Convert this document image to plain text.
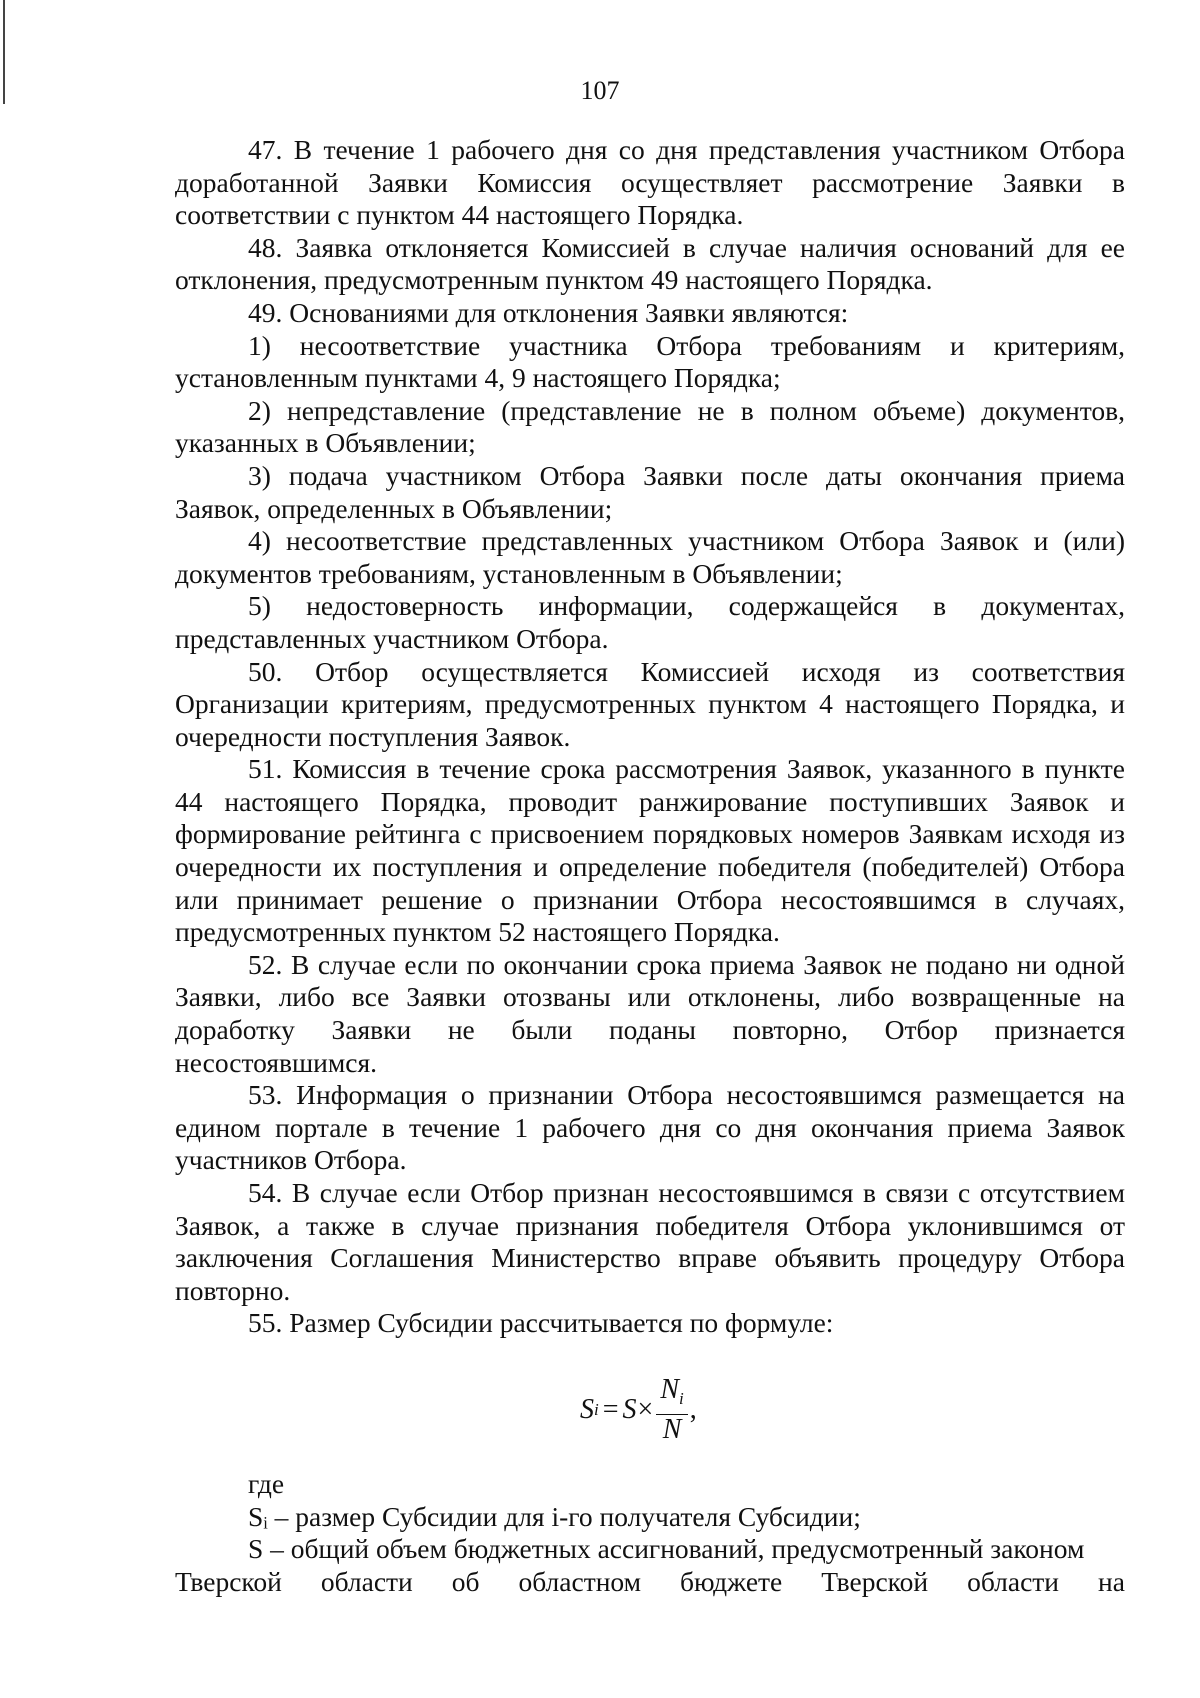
107

47. В течение 1 рабочего дня со дня представления участником Отбора доработанной Заявки Комиссия осуществляет рассмотрение Заявки в соответствии с пунктом 44 настоящего Порядка.

48. Заявка отклоняется Комиссией в случае наличия оснований для ее отклонения, предусмотренным пунктом 49 настоящего Порядка.

49. Основаниями для отклонения Заявки являются:

1) несоответствие участника Отбора требованиям и критериям, установленным пунктами 4, 9 настоящего Порядка;

2) непредставление (представление не в полном объеме) документов, указанных в Объявлении;

3) подача участником Отбора Заявки после даты окончания приема Заявок, определенных в Объявлении;

4) несоответствие представленных участником Отбора Заявок и (или) документов требованиям, установленным в Объявлении;

5) недостоверность информации, содержащейся в документах, представленных участником Отбора.

50. Отбор осуществляется Комиссией исходя из соответствия Организации критериям, предусмотренных пунктом 4 настоящего Порядка, и очередности поступления Заявок.

51. Комиссия в течение срока рассмотрения Заявок, указанного в пункте 44 настоящего Порядка, проводит ранжирование поступивших Заявок и формирование рейтинга с присвоением порядковых номеров Заявкам исходя из очередности их поступления и определение победителя (победителей) Отбора или принимает решение о признании Отбора несостоявшимся в случаях, предусмотренных пунктом 52 настоящего Порядка.

52. В случае если по окончании срока приема Заявок не подано ни одной Заявки, либо все Заявки отозваны или отклонены, либо возвращенные на доработку Заявки не были поданы повторно, Отбор признается несостоявшимся.

53. Информация о признании Отбора несостоявшимся размещается на едином портале в течение 1 рабочего дня со дня окончания приема Заявок участников Отбора.

54. В случае если Отбор признан несостоявшимся в связи с отсутствием Заявок, а также в случае признания победителя Отбора уклонившимся от заключения Соглашения Министерство вправе объявить процедуру Отбора повторно.

55. Размер Субсидии рассчитывается по формуле:

S $i = S \times \frac{N_i}{N}$ ,

где

Sᵢ – размер Субсидии для i-го получателя Субсидии;

S – общий объем бюджетных ассигнований, предусмотренный законом

Тверской области об областном бюджете Тверской области на
